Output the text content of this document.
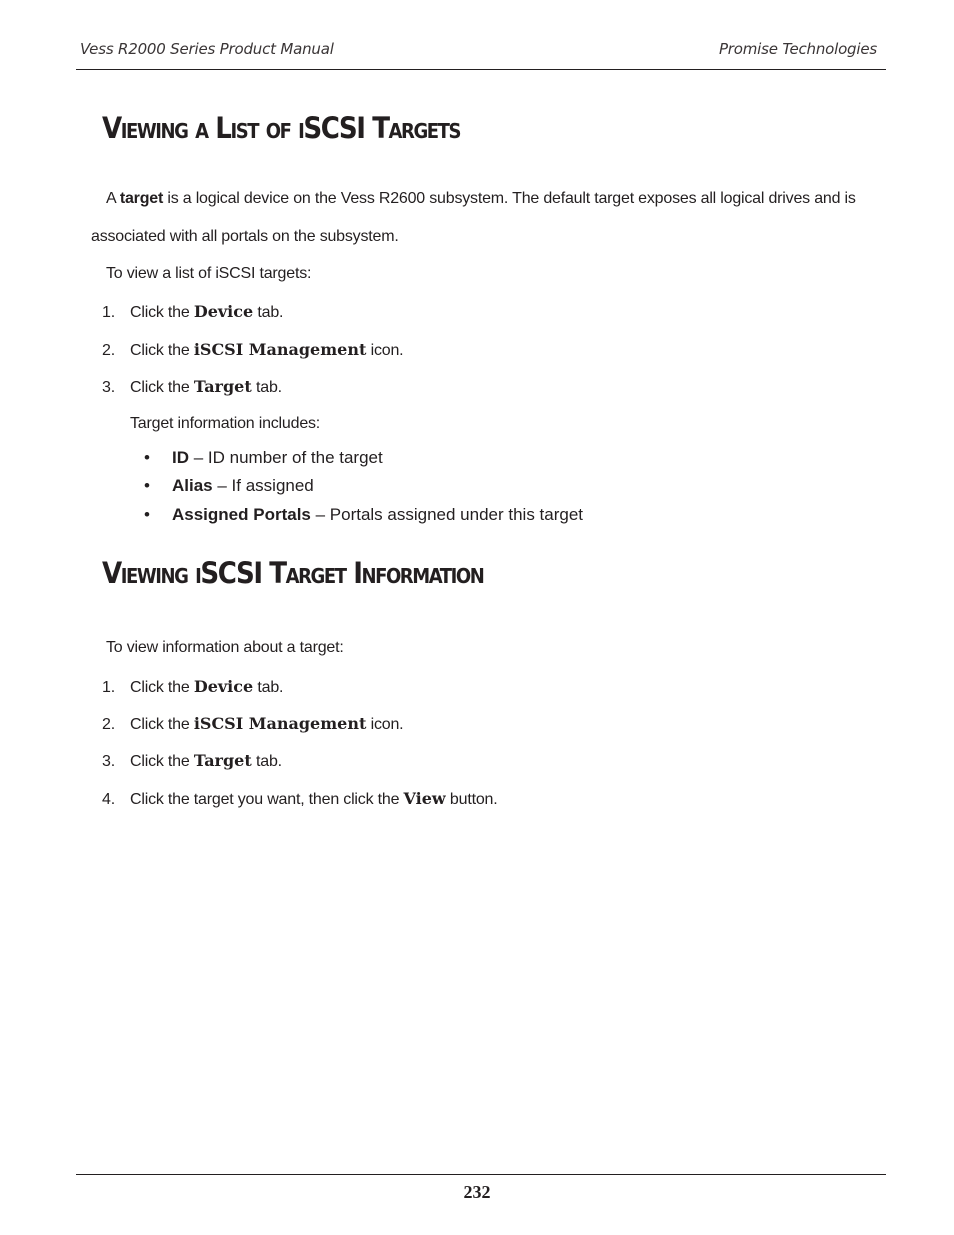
Vess R2000 Series Product Manual	Promise Technologies
Viewing a List of iSCSI Targets

A target is a logical device on the Vess R2600 subsystem. The default target exposes all logical drives and is

associated with all portals on the subsystem.

To view a list of iSCSI targets:

1. Click the Device tab.
2. Click the iSCSI Management icon.
3. Click the Target tab.

Target information includes:

• ID – ID number of the target
• Alias – If assigned
• Assigned Portals – Portals assigned under this target
Viewing iSCSI Target Information

To view information about a target:

1. Click the Device tab.
2. Click the iSCSI Management icon.
3. Click the Target tab.
4. Click the target you want, then click the View button.
232
